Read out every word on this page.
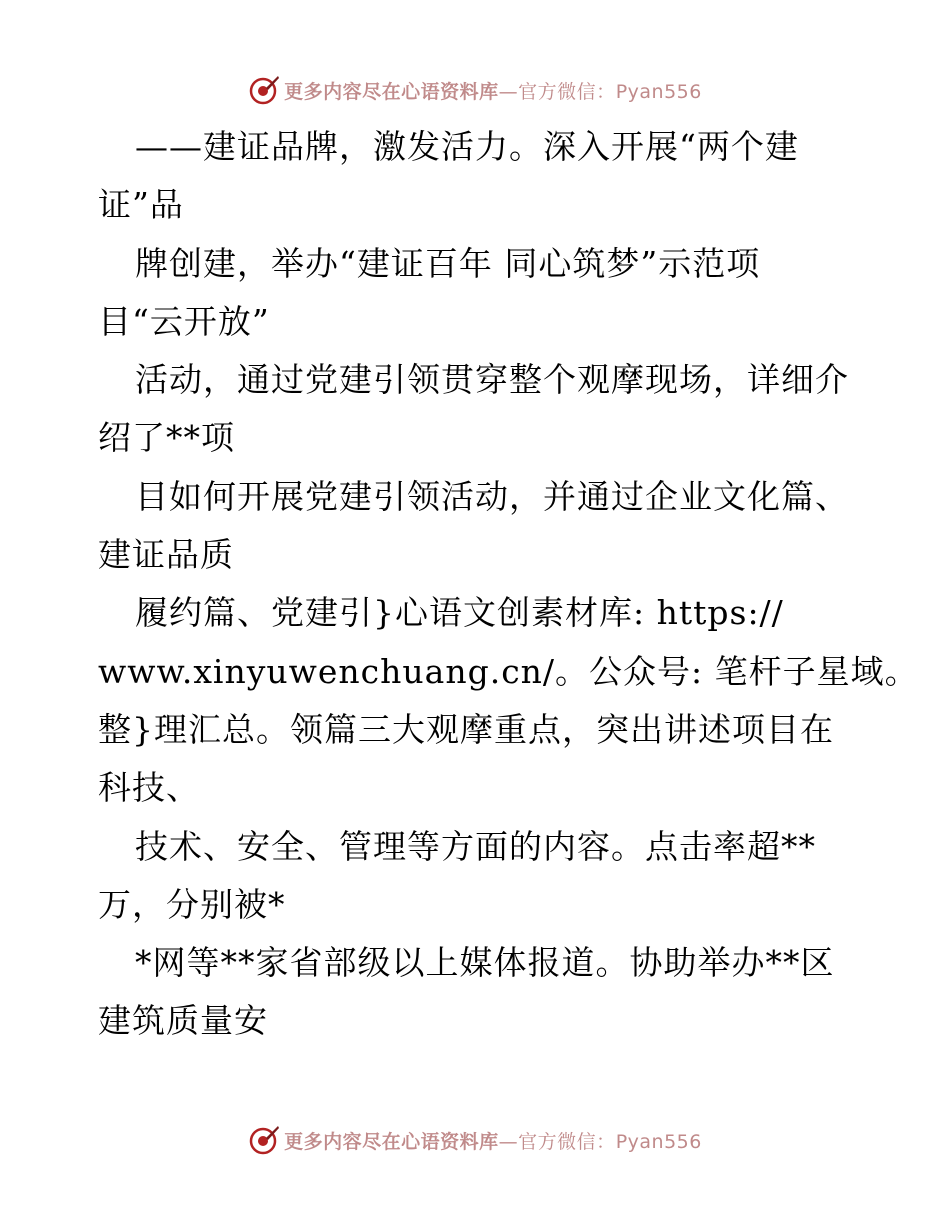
更多内容尽在心语资料库—官方微信：Pyan556
——建证品牌，激发活力。深入开展“两个建
证”品
牌创建，举办“建证百年 同心筑梦”示范项
目“云开放”
活动，通过党建引领贯穿整个观摩现场，详细介
绍了**项
目如何开展党建引领活动，并通过企业文化篇、
建证品质
履约篇、党建引}心语文创素材库: https://
www.xinyuwenchuang.cn/。公众号: 笔杆子星域。
整}理汇总。领篇三大观摩重点，突出讲述项目在
科技、
技术、安全、管理等方面的内容。点击率超**
万，分别被*
*网等**家省部级以上媒体报道。协助举办**区
建筑质量安
更多内容尽在心语资料库—官方微信：Pyan556
